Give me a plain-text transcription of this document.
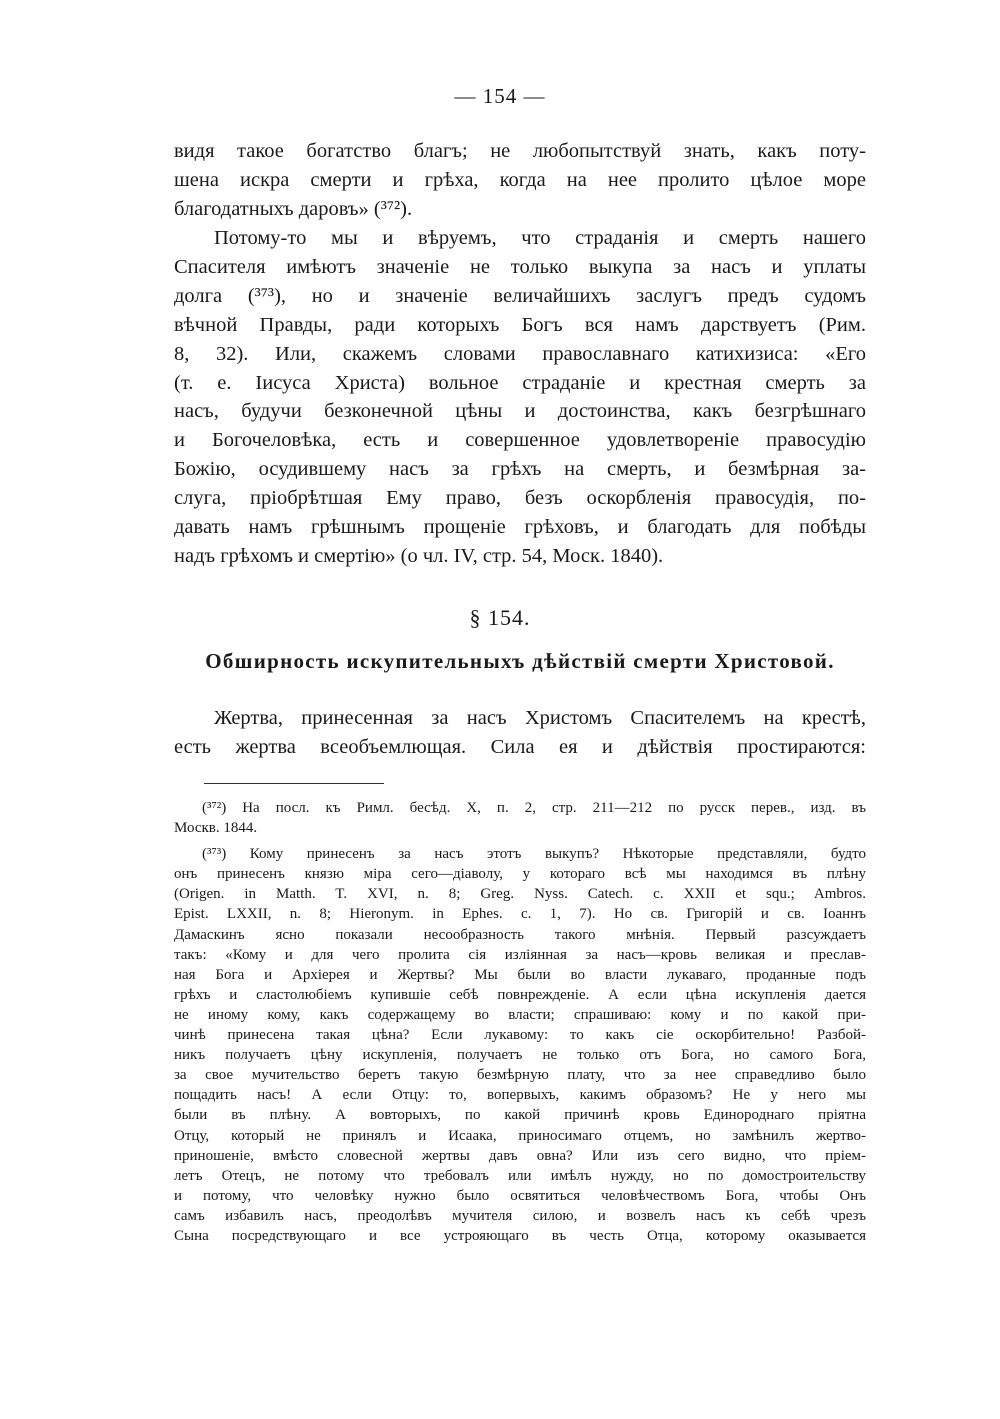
— 154 —
видя такое богатство благъ; не любопытствуй знать, какъ поту-
шена искра смерти и грѣха, когда на нее пролито цѣлое море
благодатныхъ даровъ» (³⁷²).
Потому-то мы и вѣруемъ, что страданія и смерть нашего
Спасителя имѣютъ значеніе не только выкупа за насъ и уплаты
долга (³⁷³), но и значеніе величайшихъ заслугъ предъ судомъ
вѣчной Правды, ради которыхъ Богъ вся намъ дарствуетъ (Рим.
8, 32). Или, скажемъ словами православнаго катихизиса: «Его
(т. е. Іисуса Христа) вольное страданіе и крестная смерть за
насъ, будучи безконечной цѣны и достоинства, какъ безгрѣшнаго
и Богочеловѣка, есть и совершенное удовлетвореніе правосудію
Божію, осудившему насъ за грѣхъ на смерть, и безмѣрная за-
слуга, пріобрѣтшая Ему право, безъ оскорбленія правосудія, по-
давать намъ грѣшнымъ прощеніе грѣховъ, и благодать для побѣды
надъ грѣхомъ и смертію» (о чл. IV, стр. 54, Моск. 1840).
§ 154.
Обширность искупительныхъ дѣйствій смерти Христовой.
Жертва, принесенная за насъ Христомъ Спасителемъ на крестѣ,
есть жертва всеобъемлющая. Сила ея и дѣйствія простираются:
(³⁷²) На посл. къ Римл. бесѣд. X, п. 2, стр. 211—212 по русск перев., изд. въ
Москв. 1844.
(³⁷³) Кому принесенъ за насъ этотъ выкупъ? Нѣкоторые представляли, будто
онъ принесенъ князю міра сего—діаволу, у котораго всѣ мы находимся въ плѣну
(Origen. in Matth. T. XVI, n. 8; Greg. Nyss. Catech. c. XXII et squ.; Ambros.
Epist. LXXII, n. 8; Hieronym. in Ephes. c. 1, 7). Но св. Григорій и св. Іоаннъ
Дамаскинъ ясно показали несообразность такого мнѣнія. Первый разсуждаетъ
такъ: «Кому и для чего пролита сія изліянная за насъ—кровь великая и преслав-
ная Бога и Архіерея и Жертвы? Мы были во власти лукаваго, проданные подъ
грѣхъ и сластолюбіемъ купившіе себѣ повнрежденіе. А если цѣна искупленія дается
не иному кому, какъ содержащему во власти; спрашиваю: кому и по какой при-
чинѣ принесена такая цѣна? Если лукавому: то какъ сіе оскорбительно! Разбой-
никъ получаетъ цѣну искупленія, получаетъ не только отъ Бога, но самого Бога,
за свое мучительство беретъ такую безмѣрную плату, что за нее справедливо было
пощадить насъ! А если Отцу: то, вопервыхъ, какимъ образомъ? Не у него мы
были въ плѣну. А вовторыхъ, по какой причинѣ кровь Единороднаго пріятна
Отцу, который не принялъ и Исаака, приносимаго отцемъ, но замѣнилъ жертво-
приношеніе, вмѣсто словесной жертвы давъ овна? Или изъ сего видно, что пріем-
летъ Отецъ, не потому что требовалъ или имѣлъ нужду, но по домостроительству
и потому, что человѣку нужно было освятиться человѣчествомъ Бога, чтобы Онъ
самъ избавилъ насъ, преодолѣвъ мучителя силою, и возвелъ насъ къ себѣ чрезъ
Сына посредствующаго и все устрояющаго въ честь Отца, которому оказывается
